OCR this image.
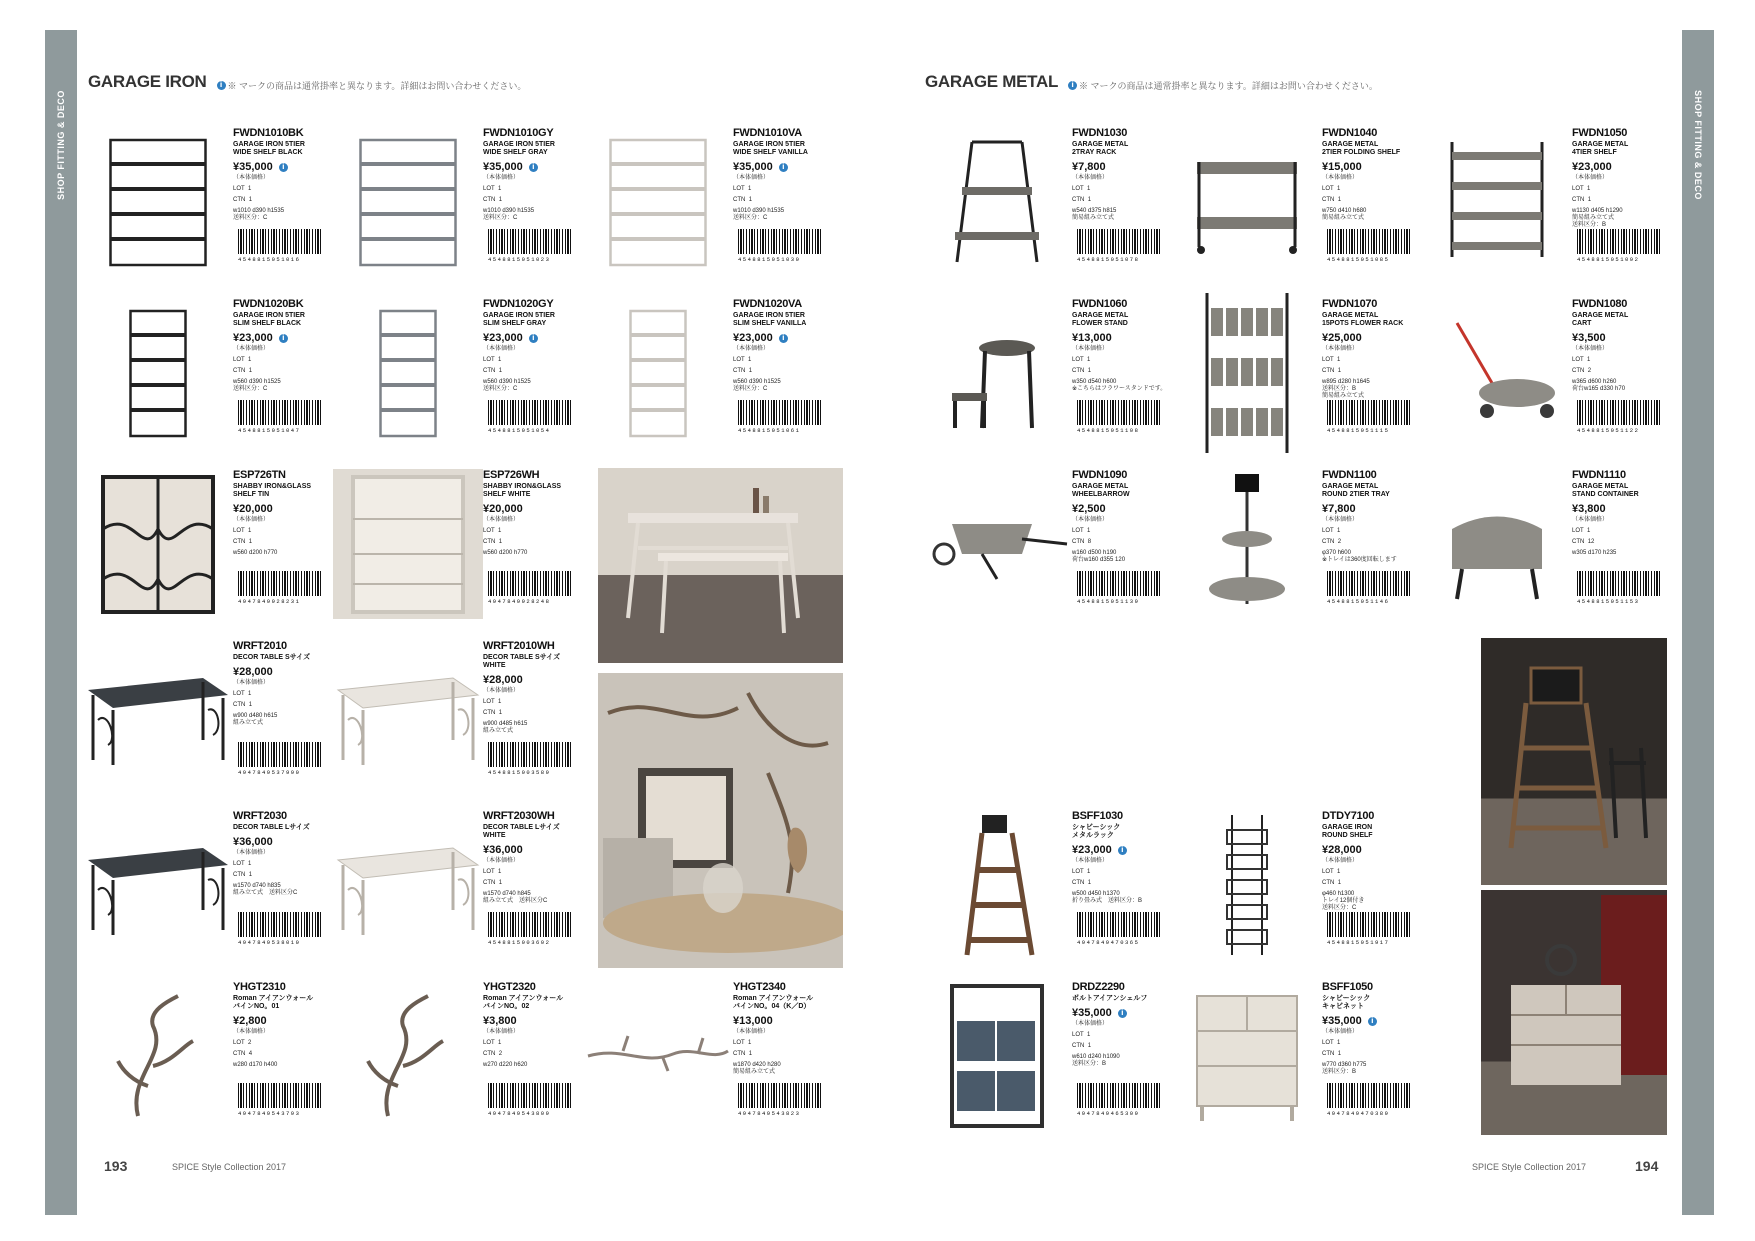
SHOP FITTING & DECO	SHOP FITTING & DECO
GARAGE IRON	i ※ マークの商品は通常掛率と異なります。詳細はお問い合わせください。	GARAGE METAL	i ※ マークの商品は通常掛率と異なります。詳細はお問い合わせください。
FWDN1010BK
GARAGE IRON 5TIER
WIDE SHELF BLACK
¥35,000	i
（本体価格）
LOT 1
CTN 1
w1010 d390 h1535
送料区分：C
4548815051016
FWDN1010GY
GARAGE IRON 5TIER
WIDE SHELF GRAY
¥35,000	i
（本体価格）
LOT 1
CTN 1
w1010 d390 h1535
送料区分：C
4548815051023
FWDN1010VA
GARAGE IRON 5TIER
WIDE SHELF VANILLA
¥35,000	i
（本体価格）
LOT 1
CTN 1
w1010 d390 h1535
送料区分：C
4548815051030
FWDN1020BK
GARAGE IRON 5TIER
SLIM SHELF BLACK
¥23,000	i
（本体価格）
LOT 1
CTN 1
w560 d390 h1525
送料区分：C
4548815051047
FWDN1020GY
GARAGE IRON 5TIER
SLIM SHELF GRAY
¥23,000	i
（本体価格）
LOT 1
CTN 1
w560 d390 h1525
送料区分：C
4548815051054
FWDN1020VA
GARAGE IRON 5TIER
SLIM SHELF VANILLA
¥23,000	i
（本体価格）
LOT 1
CTN 1
w560 d390 h1525
送料区分：C
4548815051061
ESP726TN
SHABBY IRON&GLASS
SHELF TIN
¥20,000
（本体価格）
LOT 1
CTN 1
w560 d200 h770
4947849928231
ESP726WH
SHABBY IRON&GLASS
SHELF WHITE
¥20,000
（本体価格）
LOT 1
CTN 1
w560 d200 h770
4947849928248
WRFT2010
DECOR TABLE Sサイズ
¥28,000
（本体価格）
LOT 1
CTN 1
w900 d480 h615
組み立て式
4947849537990
WRFT2010WH
DECOR TABLE Sサイズ
WHITE
¥28,000
（本体価格）
LOT 1
CTN 1
w900 d485 h615
組み立て式
4548815003589
WRFT2030
DECOR TABLE Lサイズ
¥36,000
（本体価格）
LOT 1
CTN 1
w1570 d740 h835
組み立て式　送料区分C
4947849538010
WRFT2030WH
DECOR TABLE Lサイズ
WHITE
¥36,000
（本体価格）
LOT 1
CTN 1
w1570 d740 h845
組み立て式　送料区分C
4548815003602
YHGT2310
Roman アイアンウォール
バインNO。01
¥2,800
（本体価格）
LOT 2
CTN 4
w280 d170 h400
4947849543793
YHGT2320
Roman アイアンウォール
バインNO。02
¥3,800
（本体価格）
LOT 1
CTN 2
w270 d220 h620
4947849543809
YHGT2340
Roman アイアンウォール
バインNO。04（K／D）
¥13,000
（本体価格）
LOT 1
CTN 1
w1870 d420 h280
簡易組み立て式
4947849543823
FWDN1030
GARAGE METAL
2TRAY RACK
¥7,800
（本体価格）
LOT 1
CTN 1
w540 d375 h815
簡易組み立て式
4548815051078
FWDN1040
GARAGE METAL
2TIER FOLDING SHELF
¥15,000
（本体価格）
LOT 1
CTN 1
w750 d410 h680
簡易組み立て式
4548815051085
FWDN1050
GARAGE METAL
4TIER SHELF
¥23,000
（本体価格）
LOT 1
CTN 1
w1130 d405 h1290
簡易組み立て式
送料区分：B
4548815051092
FWDN1060
GARAGE METAL
FLOWER STAND
¥13,000
（本体価格）
LOT 1
CTN 1
w350 d540 h600
※こちらはフラワースタンドです。
4548815051108
FWDN1070
GARAGE METAL
15POTS FLOWER RACK
¥25,000
（本体価格）
LOT 1
CTN 1
w895 d280 h1645
送料区分：B
簡易組み立て式
4548815051115
FWDN1080
GARAGE METAL
CART
¥3,500
（本体価格）
LOT 1
CTN 2
w365 d600 h260
荷台w165 d330 h70
4548815051122
FWDN1090
GARAGE METAL
WHEELBARROW
¥2,500
（本体価格）
LOT 1
CTN 8
w160 d500 h190
荷台w160 d355 120
4548815051139
FWDN1100
GARAGE METAL
ROUND 2TIER TRAY
¥7,800
（本体価格）
LOT 1
CTN 2
φ370 h600
※トレイは360度回転します
4548815051146
FWDN1110
GARAGE METAL
STAND CONTAINER
¥3,800
（本体価格）
LOT 1
CTN 12
w305 d170 h235
4548815051153
BSFF1030
シャビーシック
メタルラック
¥23,000	i
（本体価格）
LOT 1
CTN 1
w500 d450 h1370
折り畳み式　送料区分：B
4947849470365
DTDY7100
GARAGE IRON
ROUND SHELF
¥28,000
（本体価格）
LOT 1
CTN 1
φ460 h1300
トレイ12個付き
送料区分：C
4548815051917
DRDZ2290
ボルトアイアンシェルフ
¥35,000	i
（本体価格）
LOT 1
CTN 1
w610 d240 h1090
送料区分：B
4947849465309
BSFF1050
シャビーシック
キャビネット
¥35,000	i
（本体価格）
LOT 1
CTN 1
w770 d360 h775
送料区分：B
4947849470389
193	SPICE Style Collection 2017	SPICE Style Collection 2017	194
